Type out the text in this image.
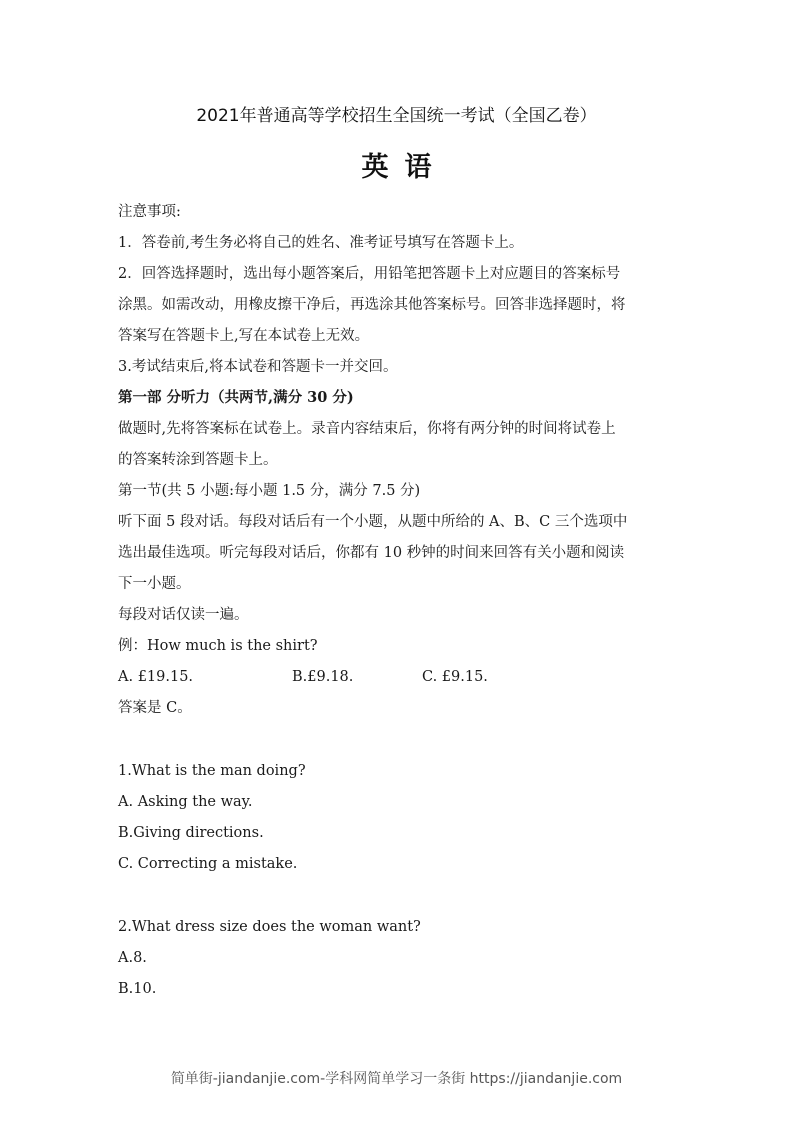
2021年普通高等学校招生全国统一考试（全国乙卷）
英语
注意事项:
1．答卷前,考生务必将自己的姓名、准考证号填写在答题卡上。
2．回答选择题时，选出每小题答案后，用铅笔把答题卡上对应题目的答案标号
涂黑。如需改动，用橡皮擦干净后，再选涂其他答案标号。回答非选择题时，将
答案写在答题卡上,写在本试卷上无效。
3.考试结束后,将本试卷和答题卡一并交回。
第一部 分听力（共两节,满分 30 分)
做题时,先将答案标在试卷上。录音内容结束后，你将有两分钟的时间将试卷上
的答案转涂到答题卡上。
第一节(共 5 小题:每小题 1.5 分，满分 7.5 分)
听下面 5 段对话。每段对话后有一个小题，从题中所给的 A、B、C 三个选项中
选出最佳选项。听完每段对话后，你都有 10 秒钟的时间来回答有关小题和阅读
下一小题。
每段对话仅读一遍。
例：How much is the shirt?
A. £19.15.	B.£9.18.	C. £9.15.
答案是 C。
1.What is the man doing?
A. Asking the way.
B.Giving directions.
C. Correcting a mistake.
2.What dress size does the woman want?
A.8.
B.10.
简单街-jiandanjie.com-学科网简单学习一条街 https://jiandanjie.com
